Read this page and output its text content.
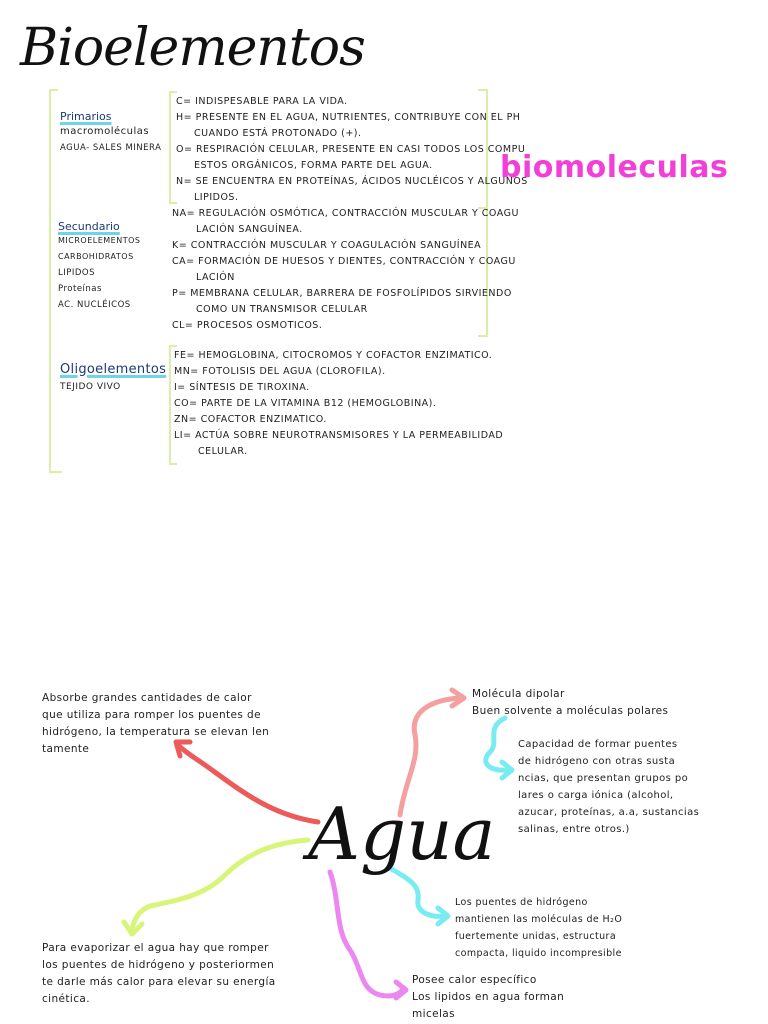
Bioelementos
biomoleculas
Primarios
macromoléculas
AGUA- SALES MINERA
Secundario
MICROELEMENTOS
CARBOHIDRATOS
LIPIDOS
Proteínas
AC. NUCLÉICOS
Oligoelementos
TEJIDO VIVO
C= INDISPESABLE PARA LA VIDA.
H= PRESENTE EN EL AGUA, NUTRIENTES, CONTRIBUYE CON EL PH
CUANDO ESTÁ PROTONADO (+).
O= RESPIRACIÓN CELULAR, PRESENTE EN CASI TODOS LOS COMPU
ESTOS ORGÁNICOS, FORMA PARTE DEL AGUA.
N= SE ENCUENTRA EN PROTEÍNAS, ÁCIDOS NUCLÉICOS Y ALGUNOS
LIPIDOS.
NA= REGULACIÓN OSMÓTICA, CONTRACCIÓN MUSCULAR Y COAGU
LACIÓN SANGUÍNEA.
K= CONTRACCIÓN MUSCULAR Y COAGULACIÓN SANGUÍNEA
CA= FORMACIÓN DE HUESOS Y DIENTES, CONTRACCIÓN Y COAGU
LACIÓN
P= MEMBRANA CELULAR, BARRERA DE FOSFOLÍPIDOS SIRVIENDO
COMO UN TRANSMISOR CELULAR
CL= PROCESOS OSMOTICOS.
FE= HEMOGLOBINA, CITOCROMOS Y COFACTOR ENZIMATICO.
MN= FOTOLISIS DEL AGUA (CLOROFILA).
I= SÍNTESIS DE TIROXINA.
CO= PARTE DE LA VITAMINA B12 (HEMOGLOBINA).
ZN= COFACTOR ENZIMATICO.
LI= ACTÚA SOBRE NEUROTRANSMISORES Y LA PERMEABILIDAD
CELULAR.
Agua
Absorbe grandes cantidades de calor
que utiliza para romper los puentes de
hidrógeno, la temperatura se elevan len
tamente
Molécula dipolar
Buen solvente a moléculas polares
Capacidad de formar puentes
de hidrógeno con otras susta
ncias, que presentan grupos po
lares o carga iónica (alcohol,
azucar, proteínas, a.a, sustancias
salinas, entre otros.)
Los puentes de hidrógeno
mantienen las moléculas de H₂O
fuertemente unidas, estructura
compacta, liquido incompresible
Para evaporizar el agua hay que romper
los puentes de hidrógeno y posteriormen
te darle más calor para elevar su energía
cinética.
Posee calor específico
Los lipidos en agua forman
micelas
